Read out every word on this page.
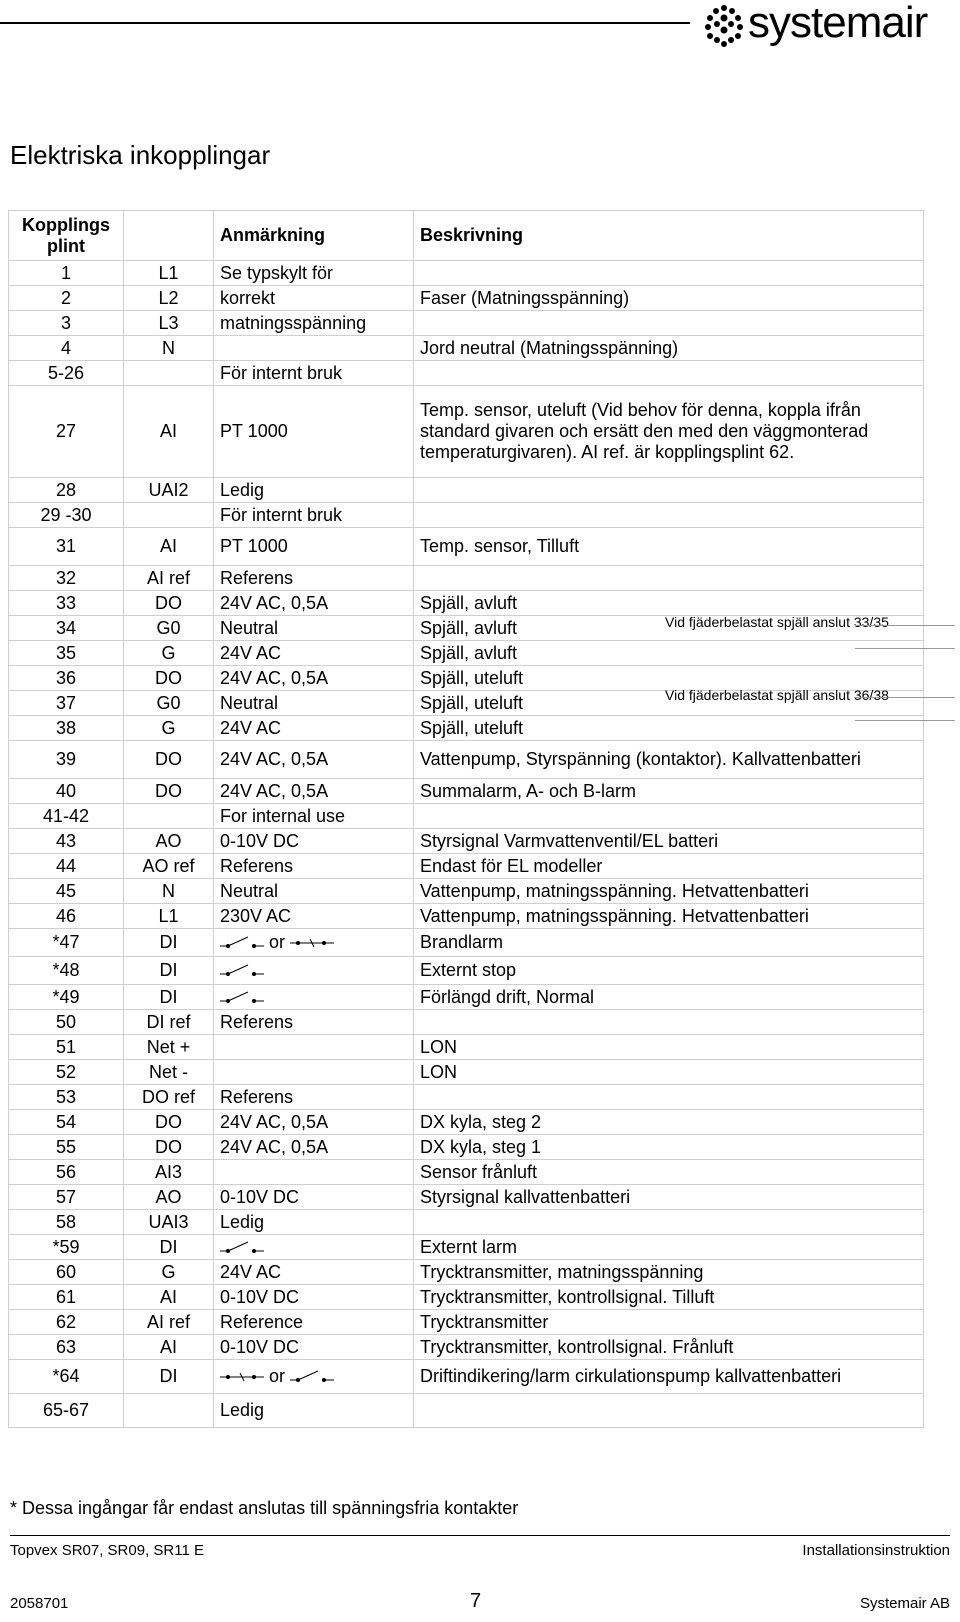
systemair
Elektriska inkopplingar
Kopplings plint		Anmärkning	Beskrivning
1	L1	Se typskylt för	
2	L2	korrekt	Faser (Matningsspänning)
3	L3	matningsspänning	
4	N		Jord neutral (Matningsspänning)
5-26		För internt bruk	
27	AI	PT 1000	Temp. sensor, uteluft (Vid behov för denna, koppla ifrån standard givaren och ersätt den med den väggmonterad temperaturgivaren). AI ref. är kopplingsplint 62.
28	UAI2	Ledig	
29 -30		För internt bruk	
31	AI	PT 1000	Temp. sensor, Tilluft
32	AI ref	Referens	
33	DO	24V AC, 0,5A	Spjäll, avluft
34	G0	Neutral	Spjäll, avluft
35	G	24V AC	Spjäll, avluft
36	DO	24V AC, 0,5A	Spjäll, uteluft
37	G0	Neutral	Spjäll, uteluft
38	G	24V AC	Spjäll, uteluft
39	DO	24V AC, 0,5A	Vattenpump, Styrspänning (kontaktor). Kallvattenbatteri
40	DO	24V AC, 0,5A	Summalarm, A- och B-larm
41-42		For internal use	
43	AO	0-10V DC	Styrsignal Varmvattenventil/EL batteri
44	AO ref	Referens	Endast för EL modeller
45	N	Neutral	Vattenpump, matningsspänning. Hetvattenbatteri
46	L1	230V AC	Vattenpump, matningsspänning. Hetvattenbatteri
*47	DI	or	Brandlarm
*48	DI		Externt stop
*49	DI		Förlängd drift, Normal
50	DI ref	Referens	
51	Net +		LON
52	Net -		LON
53	DO ref	Referens	
54	DO	24V AC, 0,5A	DX kyla, steg 2
55	DO	24V AC, 0,5A	DX kyla, steg 1
56	AI3		Sensor frånluft
57	AO	0-10V DC	Styrsignal kallvattenbatteri
58	UAI3	Ledig	
*59	DI		Externt larm
60	G	24V AC	Trycktransmitter, matningsspänning
61	AI	0-10V DC	Trycktransmitter, kontrollsignal. Tilluft
62	AI ref	Reference	Trycktransmitter
63	AI	0-10V DC	Trycktransmitter, kontrollsignal. Frånluft
*64	DI	or	Driftindikering/larm cirkulationspump kallvattenbatteri
65-67		Ledig	
Vid fjäderbelastat spjäll anslut 33/35
Vid fjäderbelastat spjäll anslut 36/38
* Dessa ingångar får endast anslutas till spänningsfria kontakter
Topvex SR07, SR09, SR11 E	Installationsinstruktion
2058701	7	Systemair AB
